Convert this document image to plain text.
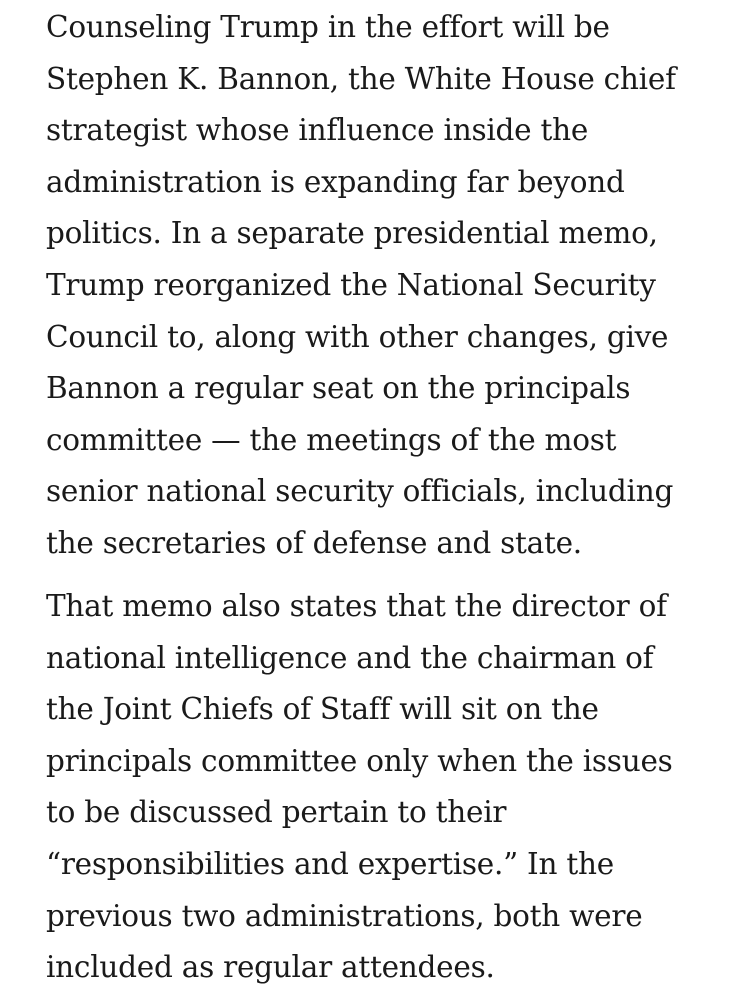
Counseling Trump in the effort will be
Stephen K. Bannon, the White House chief
strategist whose influence inside the
administration is expanding far beyond
politics. In a separate presidential memo,
Trump reorganized the National Security
Council to, along with other changes, give
Bannon a regular seat on the principals
committee — the meetings of the most
senior national security officials, including
the secretaries of defense and state.

That memo also states that the director of
national intelligence and the chairman of
the Joint Chiefs of Staff will sit on the
principals committee only when the issues
to be discussed pertain to their
“responsibilities and expertise.” In the
previous two administrations, both were
included as regular attendees.
